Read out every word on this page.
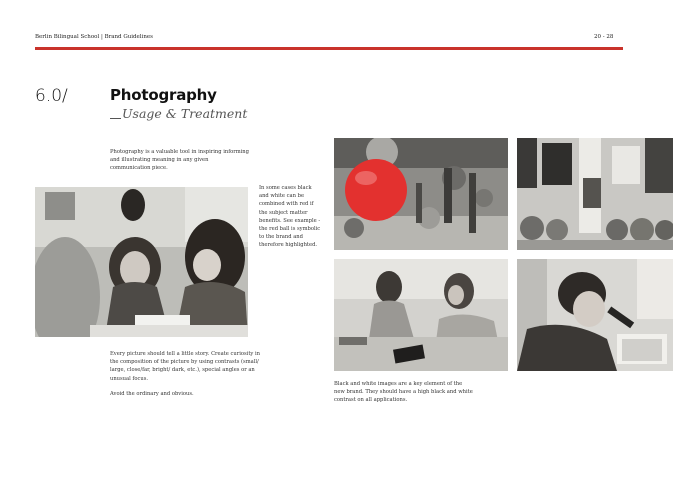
Berlin Bilingual School | Brand Guidelines	20 - 28
6.0/	Photography
Usage & Treatment
Photography is a valuable tool in inspiring informing and illustrating meaning in any given communication piece.
In some cases black and white can be combined with red if the subject matter benefits. See example - the red ball is symbolic to the brand and therefore highlighted.
Every picture should tell a little story. Create curiosity in the composition of the picture by using contrasts (small/ large, close/far, bright/ dark, etc.), special angles or an unusual focus.
Avoid the ordinary and obvious.
Black and white images are a key element of the new brand. They should have a high black and white contrast on all applications.
